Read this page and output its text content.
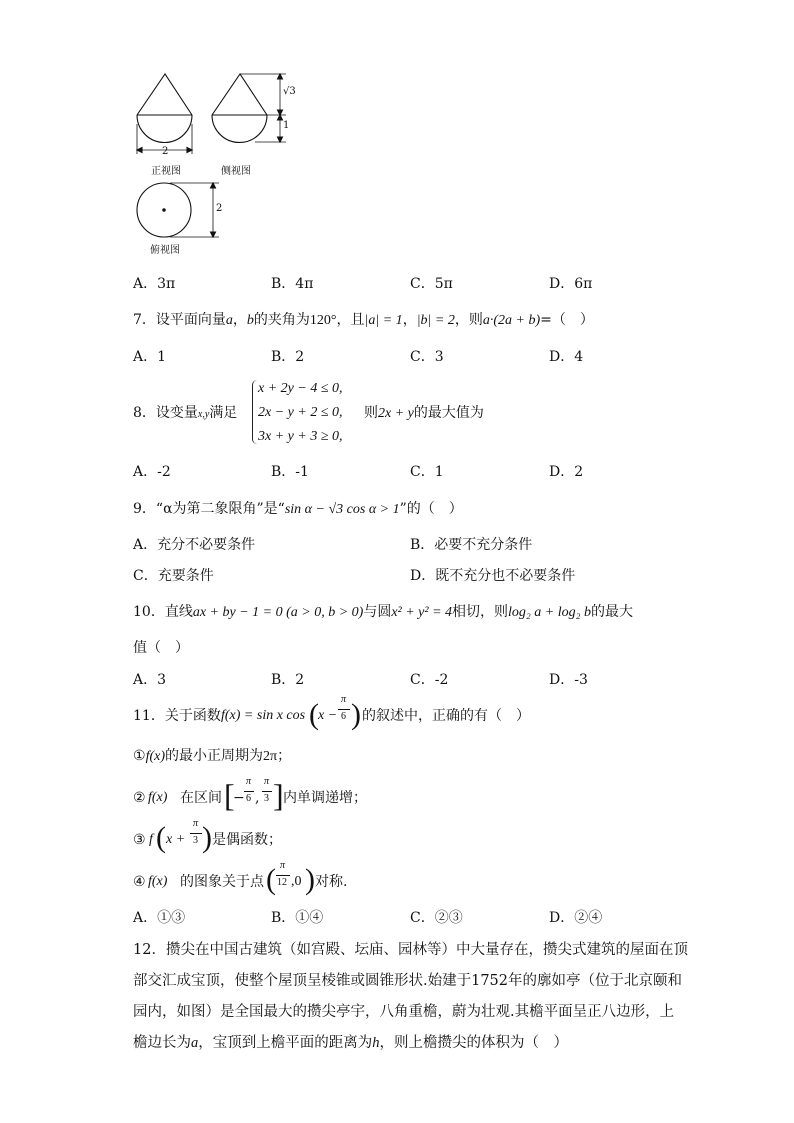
2
正视图
√3
1
侧视图
2
俯视图
A．3π	B．4π	C．5π	D．6π
7．设平面向量a，b的夹角为120°，且|a| = 1，|b| = 2，则a·(2a + b)=（　）
A．1	B．2	C．3	D．4
8．设变量x,y满足
x + 2y − 4 ≤ 0,
2x − y + 2 ≤ 0,
3x + y + 3 ≥ 0,
则2x + y的最大值为
A．-2	B．-1	C．1	D．2
9．“α为第二象限角”是“sin α − √3 cos α > 1”的（　）
A．充分不必要条件	B．必要不充分条件
C．充要条件	D．既不充分也不必要条件
10．直线ax + by − 1 = 0 (a > 0, b > 0)与圆x² + y² = 4相切，则log₂ a + log₂ b的最大
值（　）
A．3	B．2	C．-2	D．-3
11．关于函数 f(x) = sin x cos ( x −
π
6 ) 的叙述中，正确的有（　）
①f(x)的最小正周期为2π；
② f(x) 在区间 [
−
π
6 ,
π
3 ] 内单调递增；
③ f ( x +
π
3 ) 是偶函数；
④ f(x) 的图象关于点 ( π
12 ,0 ) 对称.
A．①③	B．①④	C．②③	D．②④
12．攒尖在中国古建筑（如宫殿、坛庙、园林等）中大量存在，攒尖式建筑的屋面在顶
部交汇成宝顶，使整个屋顶呈棱锥或圆锥形状.始建于1752年的廓如亭（位于北京颐和
园内，如图）是全国最大的攒尖亭宇，八角重檐，蔚为壮观.其檐平面呈正八边形，上
檐边长为a，宝顶到上檐平面的距离为h，则上檐攒尖的体积为（　）
